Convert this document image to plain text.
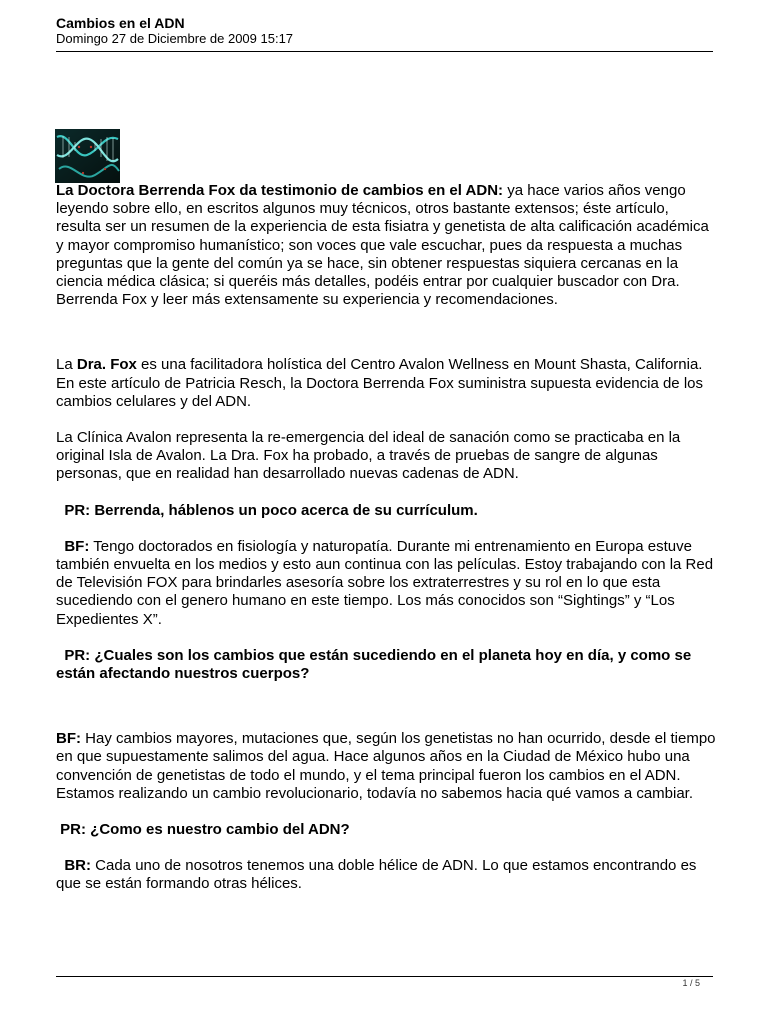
Cambios en el ADN
Domingo 27 de Diciembre de 2009 15:17

La Doctora Berrenda Fox da testimonio de cambios en el ADN: ya hace varios años vengo leyendo sobre ello, en escritos algunos muy técnicos, otros bastante extensos; éste artículo, resulta ser un resumen de la experiencia de esta fisiatra y genetista de alta calificación académica y mayor compromiso humanístico; son voces que vale escuchar, pues da respuesta a muchas preguntas que la gente del común ya se hace, sin obtener respuestas siquiera cercanas en la ciencia médica clásica; si queréis más detalles, podéis entrar por cualquier buscador con Dra. Berrenda Fox y leer más extensamente su experiencia y recomendaciones.

La Dra. Fox es una facilitadora holística del Centro Avalon Wellness en Mount Shasta, California. En este artículo de Patricia Resch, la Doctora Berrenda Fox suministra supuesta evidencia de los cambios celulares y del ADN.

La Clínica Avalon representa la re-emergencia del ideal de sanación como se practicaba en la original Isla de Avalon. La Dra. Fox ha probado, a través de pruebas de sangre de algunas personas, que en realidad han desarrollado nuevas cadenas de ADN.

PR: Berrenda, háblenos un poco acerca de su currículum.

BF: Tengo doctorados en fisiología y naturopatía. Durante mi entrenamiento en Europa estuve también envuelta en los medios y esto aun continua con las películas. Estoy trabajando con la Red de Televisión FOX para brindarles asesoría sobre los extraterrestres y su rol en lo que esta sucediendo con el genero humano en este tiempo. Los más conocidos son “Sightings” y “Los Expedientes X”.

PR: ¿Cuales son los cambios que están sucediendo en el planeta hoy en día, y como se están afectando nuestros cuerpos?

BF: Hay cambios mayores, mutaciones que, según los genetistas no han ocurrido, desde el tiempo en que supuestamente salimos del agua. Hace algunos años en la Ciudad de México hubo una convención de genetistas de todo el mundo, y el tema principal fueron los cambios en el ADN. Estamos realizando un cambio revolucionario, todavía no sabemos hacia qué vamos a cambiar.

PR: ¿Como es nuestro cambio del ADN?

BR: Cada uno de nosotros tenemos una doble hélice de ADN. Lo que estamos encontrando es que se están formando otras hélices.

1 / 5
